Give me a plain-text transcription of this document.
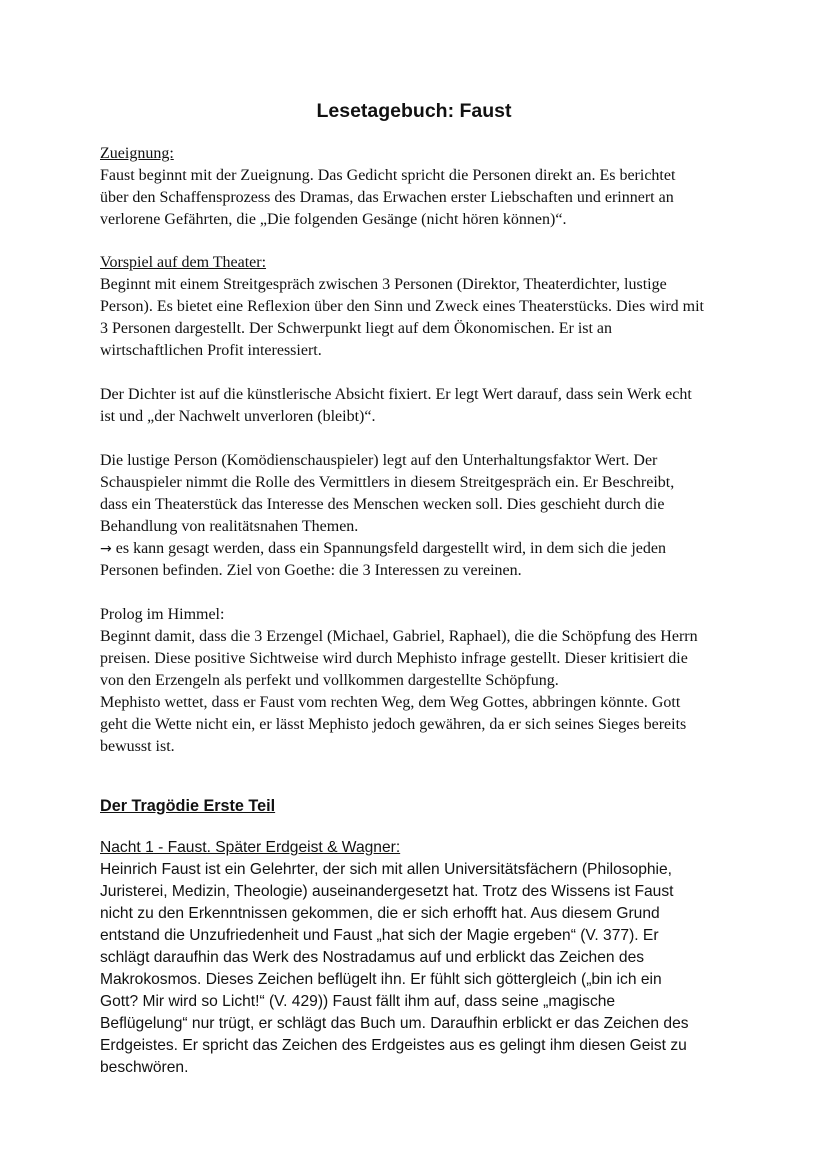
Lesetagebuch: Faust

Zueignung:

Faust beginnt mit der Zueignung. Das Gedicht spricht die Personen direkt an. Es berichtet

über den Schaffensprozess des Dramas, das Erwachen erster Liebschaften und erinnert an

verlorene Gefährten, die „Die folgenden Gesänge (nicht hören können)“.

Vorspiel auf dem Theater:

Beginnt mit einem Streitgespräch zwischen 3 Personen (Direktor, Theaterdichter, lustige

Person). Es bietet eine Reflexion über den Sinn und Zweck eines Theaterstücks. Dies wird mit

3 Personen dargestellt. Der Schwerpunkt liegt auf dem Ökonomischen. Er ist an

wirtschaftlichen Profit interessiert.

Der Dichter ist auf die künstlerische Absicht fixiert. Er legt Wert darauf, dass sein Werk echt

ist und „der Nachwelt unverloren (bleibt)“.

Die lustige Person (Komödienschauspieler) legt auf den Unterhaltungsfaktor Wert. Der

Schauspieler nimmt die Rolle des Vermittlers in diesem Streitgespräch ein. Er Beschreibt,

dass ein Theaterstück das Interesse des Menschen wecken soll. Dies geschieht durch die

Behandlung von realitätsnahen Themen.

→ es kann gesagt werden, dass ein Spannungsfeld dargestellt wird, in dem sich die jeden

Personen befinden. Ziel von Goethe: die 3 Interessen zu vereinen.

Prolog im Himmel:

Beginnt damit, dass die 3 Erzengel (Michael, Gabriel, Raphael), die die Schöpfung des Herrn

preisen. Diese positive Sichtweise wird durch Mephisto infrage gestellt. Dieser kritisiert die

von den Erzengeln als perfekt und vollkommen dargestellte Schöpfung.

Mephisto wettet, dass er Faust vom rechten Weg, dem Weg Gottes, abbringen könnte. Gott

geht die Wette nicht ein, er lässt Mephisto jedoch gewähren, da er sich seines Sieges bereits

bewusst ist.

Der Tragödie Erste Teil

Nacht 1 - Faust. Später Erdgeist & Wagner:

Heinrich Faust ist ein Gelehrter, der sich mit allen Universitätsfächern (Philosophie,

Juristerei, Medizin, Theologie) auseinandergesetzt hat. Trotz des Wissens ist Faust

nicht zu den Erkenntnissen gekommen, die er sich erhofft hat. Aus diesem Grund

entstand die Unzufriedenheit und Faust „hat sich der Magie ergeben“ (V. 377). Er

schlägt daraufhin das Werk des Nostradamus auf und erblickt das Zeichen des

Makrokosmos. Dieses Zeichen beflügelt ihn. Er fühlt sich göttergleich („bin ich ein

Gott? Mir wird so Licht!“ (V. 429)) Faust fällt ihm auf, dass seine „magische

Beflügelung“ nur trügt, er schlägt das Buch um. Daraufhin erblickt er das Zeichen des

Erdgeistes. Er spricht das Zeichen des Erdgeistes aus es gelingt ihm diesen Geist zu

beschwören.
